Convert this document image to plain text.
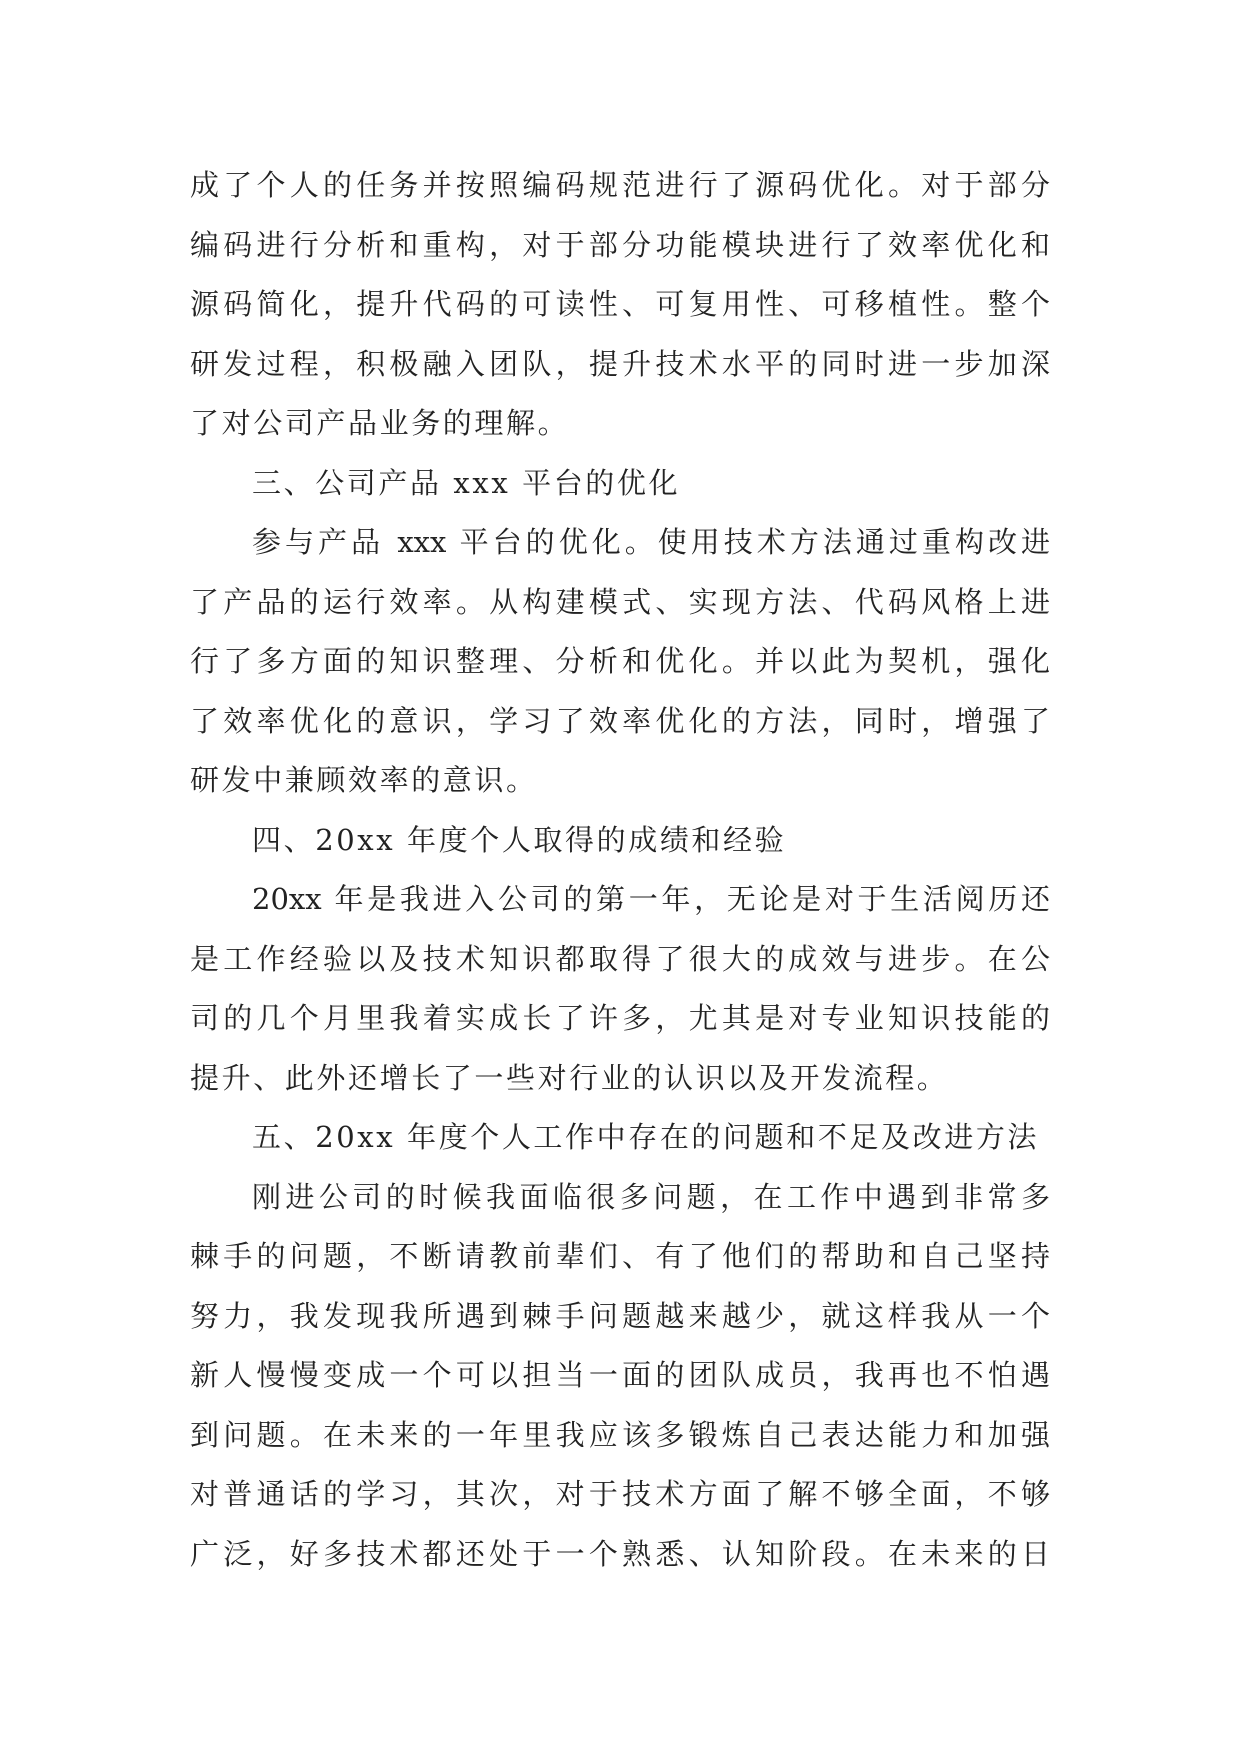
成了个人的任务并按照编码规范进行了源码优化。对于部分

编码进行分析和重构，对于部分功能模块进行了效率优化和

源码简化，提升代码的可读性、可复用性、可移植性。整个

研发过程，积极融入团队，提升技术水平的同时进一步加深

了对公司产品业务的理解。

三、公司产品 xxx 平台的优化

参与产品 xxx 平台的优化。使用技术方法通过重构改进

了产品的运行效率。从构建模式、实现方法、代码风格上进

行了多方面的知识整理、分析和优化。并以此为契机，强化

了效率优化的意识，学习了效率优化的方法，同时，增强了

研发中兼顾效率的意识。

四、20xx 年度个人取得的成绩和经验

20xx 年是我进入公司的第一年，无论是对于生活阅历还

是工作经验以及技术知识都取得了很大的成效与进步。在公

司的几个月里我着实成长了许多，尤其是对专业知识技能的

提升、此外还增长了一些对行业的认识以及开发流程。

五、20xx 年度个人工作中存在的问题和不足及改进方法

刚进公司的时候我面临很多问题，在工作中遇到非常多

棘手的问题，不断请教前辈们、有了他们的帮助和自己坚持

努力，我发现我所遇到棘手问题越来越少，就这样我从一个

新人慢慢变成一个可以担当一面的团队成员，我再也不怕遇

到问题。在未来的一年里我应该多锻炼自己表达能力和加强

对普通话的学习，其次，对于技术方面了解不够全面，不够

广泛，好多技术都还处于一个熟悉、认知阶段。在未来的日
